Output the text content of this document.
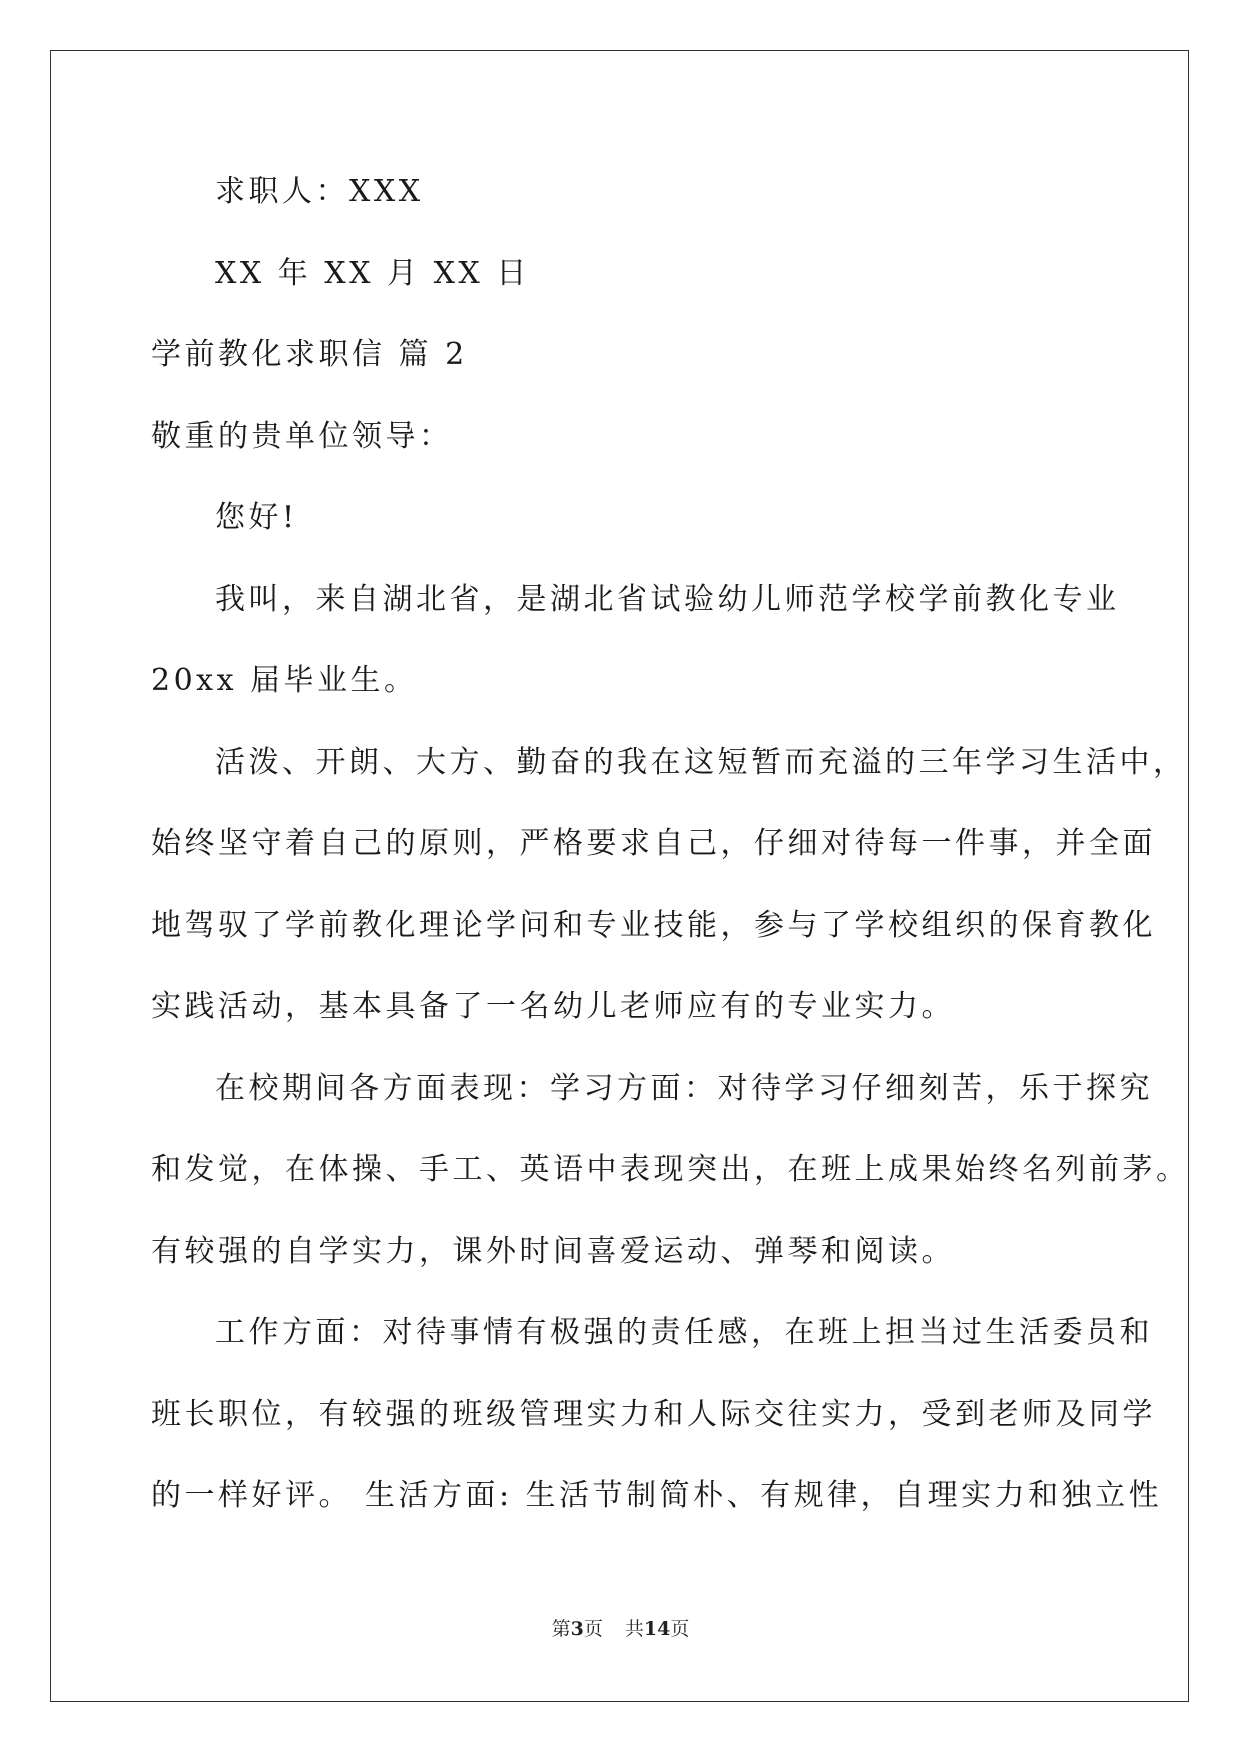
求职人：XXX
XX 年 XX 月 XX 日
学前教化求职信 篇 2
敬重的贵单位领导：
您好!
我叫，来自湖北省，是湖北省试验幼儿师范学校学前教化专业
20xx 届毕业生。
活泼、开朗、大方、勤奋的我在这短暂而充溢的三年学习生活中，
始终坚守着自己的原则，严格要求自己，仔细对待每一件事，并全面
地驾驭了学前教化理论学问和专业技能，参与了学校组织的保育教化
实践活动，基本具备了一名幼儿老师应有的专业实力。
在校期间各方面表现：学习方面：对待学习仔细刻苦，乐于探究
和发觉，在体操、手工、英语中表现突出，在班上成果始终名列前茅。
有较强的自学实力，课外时间喜爱运动、弹琴和阅读。
工作方面：对待事情有极强的责任感，在班上担当过生活委员和
班长职位，有较强的班级管理实力和人际交往实力，受到老师及同学
的一样好评。 生活方面: 生活节制简朴、有规律，自理实力和独立性
第3页 共14页
